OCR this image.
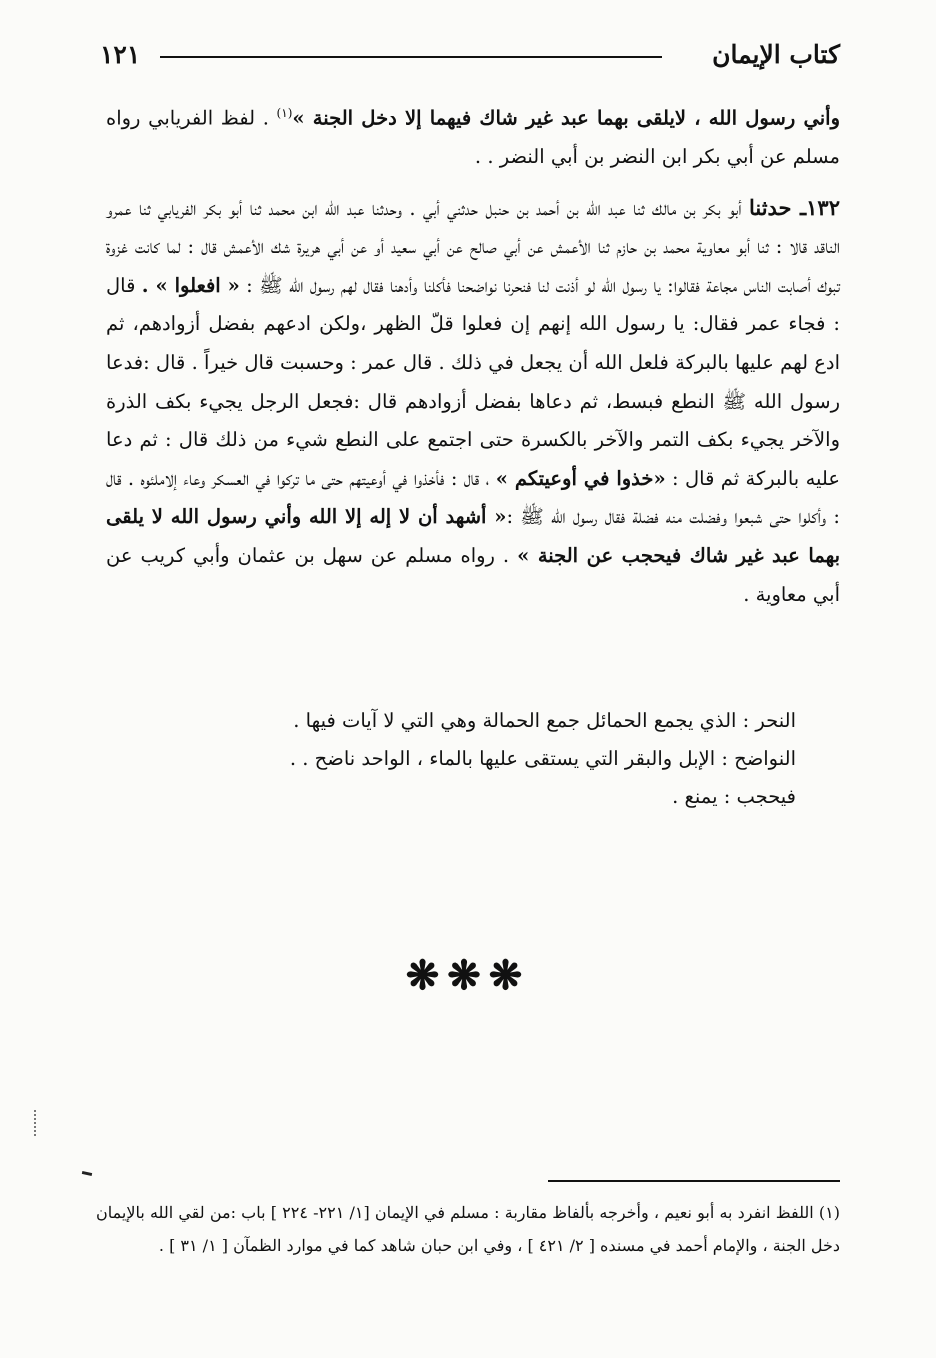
كتاب الإيمان
١٢١

وأني رسول الله ، لايلقى بهما عبد غير شاك فيهما إلا دخل الجنة »$^{(١)}$ . لفظ الفريابي رواه مسلم عن أبي بكر ابن النضر بن أبي النضر . .

١٣٢ـ حدثنا أبو بكر بن مالك ثنا عبد الله بن أحمد بن حنبل حدثني أبي . وحدثنا عبد الله ابن محمد ثنا أبو بكر الفريابي ثنا عمرو الناقد قالا : ثنا أبو معاوية محمد بن حازم ثنا الأعمش عن أبي صالح عن أبي سعيد أو عن أبي هريرة شك الأعمش قال : لما كانت غزوة تبوك أصابت الناس مجاعة فقالوا: يا رسول الله لو أذنت لنا فنحرنا نواضحنا فأكلنا وأدهنا فقال لهم رسول الله ﷺ : « افعلوا » . قال : فجاء عمر فقال: يا رسول الله إنهم إن فعلوا قلّ الظهر ،ولكن ادعهم بفضل أزوادهم، ثم ادع لهم عليها بالبركة فلعل الله أن يجعل في ذلك . قال عمر : وحسبت قال خيراً . قال :فدعا رسول الله ﷺ النطع فبسط، ثم دعاها بفضل أزوادهم قال :فجعل الرجل يجيء بكف الذرة والآخر يجيء بكف التمر والآخر بالكسرة حتى اجتمع على النطع شيء من ذلك قال : ثم دعا عليه بالبركة ثم قال : «خذوا في أوعيتكم » ، قال : فأخذوا في أوعيتهم حتى ما تركوا في العسكر وعاء إلاملئوه . قال : وأكلوا حتى شبعوا وفضلت منه فضلة فقال رسول الله ﷺ :« أشهد أن لا إله إلا الله وأني رسول الله لا يلقى بهما عبد غير شاك فيحجب عن الجنة » . رواه مسلم عن سهل بن عثمان وأبي كريب عن أبي معاوية .

النحر : الذي يجمع الحمائل جمع الحمالة وهي التي لا آيات فيها .
النواضح : الإبل والبقر التي يستقى عليها بالماء ، الواحد ناضح . .
فيحجب : يمنع .
❋❋❋
(١) اللفظ انفرد به أبو نعيم ، وأخرجه بألفاظ مقاربة : مسلم في الإيمان [١/ ٢٢١- ٢٢٤ ] باب :من لقي الله بالإيمان دخل الجنة ، والإمام أحمد في مسنده [ ٢/ ٤٢١ ] ، وفي ابن حبان شاهد كما في موارد الظمآن [ ١/ ٣١ ] .
